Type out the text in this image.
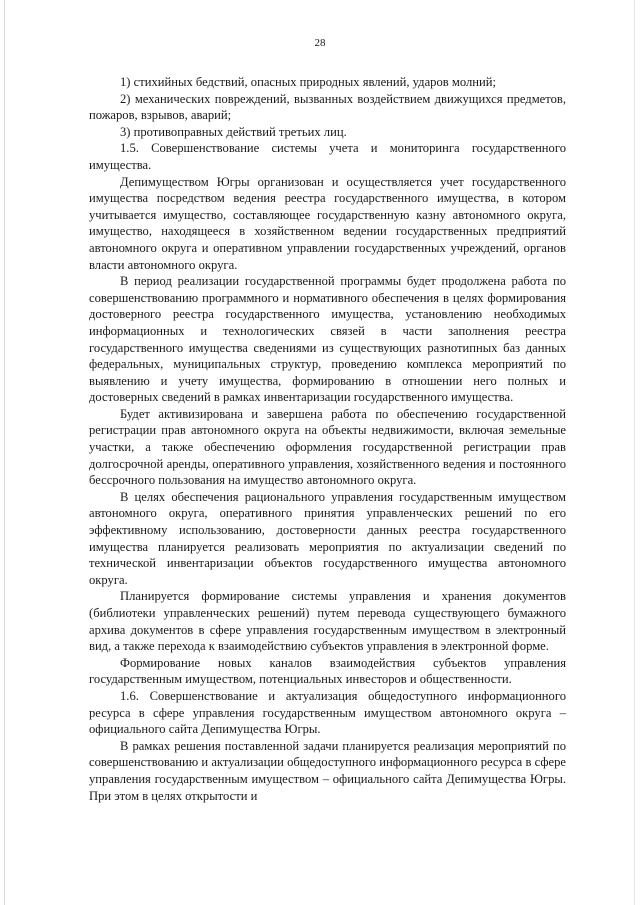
28

1) стихийных бедствий, опасных природных явлений, ударов молний;

2) механических повреждений, вызванных воздействием движущихся предметов, пожаров, взрывов, аварий;

3) противоправных действий третьих лиц.

1.5. Совершенствование системы учета и мониторинга государственного имущества.

Депимуществом Югры организован и осуществляется учет государственного имущества посредством ведения реестра государственного имущества, в котором учитывается имущество, составляющее государственную казну автономного округа, имущество, находящееся в хозяйственном ведении государственных предприятий автономного округа и оперативном управлении государственных учреждений, органов власти автономного округа.

В период реализации государственной программы будет продолжена работа по совершенствованию программного и нормативного обеспечения в целях формирования достоверного реестра государственного имущества, установлению необходимых информационных и технологических связей в части заполнения реестра государственного имущества сведениями из существующих разнотипных баз данных федеральных, муниципальных структур, проведению комплекса мероприятий по выявлению и учету имущества, формированию в отношении него полных и достоверных сведений в рамках инвентаризации государственного имущества.

Будет активизирована и завершена работа по обеспечению государственной регистрации прав автономного округа на объекты недвижимости, включая земельные участки, а также обеспечению оформления государственной регистрации прав долгосрочной аренды, оперативного управления, хозяйственного ведения и постоянного бессрочного пользования на имущество автономного округа.

В целях обеспечения рационального управления государственным имуществом автономного округа, оперативного принятия управленческих решений по его эффективному использованию, достоверности данных реестра государственного имущества планируется реализовать мероприятия по актуализации сведений по технической инвентаризации объектов государственного имущества автономного округа.

Планируется формирование системы управления и хранения документов (библиотеки управленческих решений) путем перевода существующего бумажного архива документов в сфере управления государственным имуществом в электронный вид, а также перехода к взаимодействию субъектов управления в электронной форме.

Формирование новых каналов взаимодействия субъектов управления государственным имуществом, потенциальных инвесторов и общественности.

1.6. Совершенствование и актуализация общедоступного информационного ресурса в сфере управления государственным имуществом автономного округа – официального сайта Депимущества Югры.

В рамках решения поставленной задачи планируется реализация мероприятий по совершенствованию и актуализации общедоступного информационного ресурса в сфере управления государственным имуществом – официального сайта Депимущества Югры. При этом в целях открытости и
